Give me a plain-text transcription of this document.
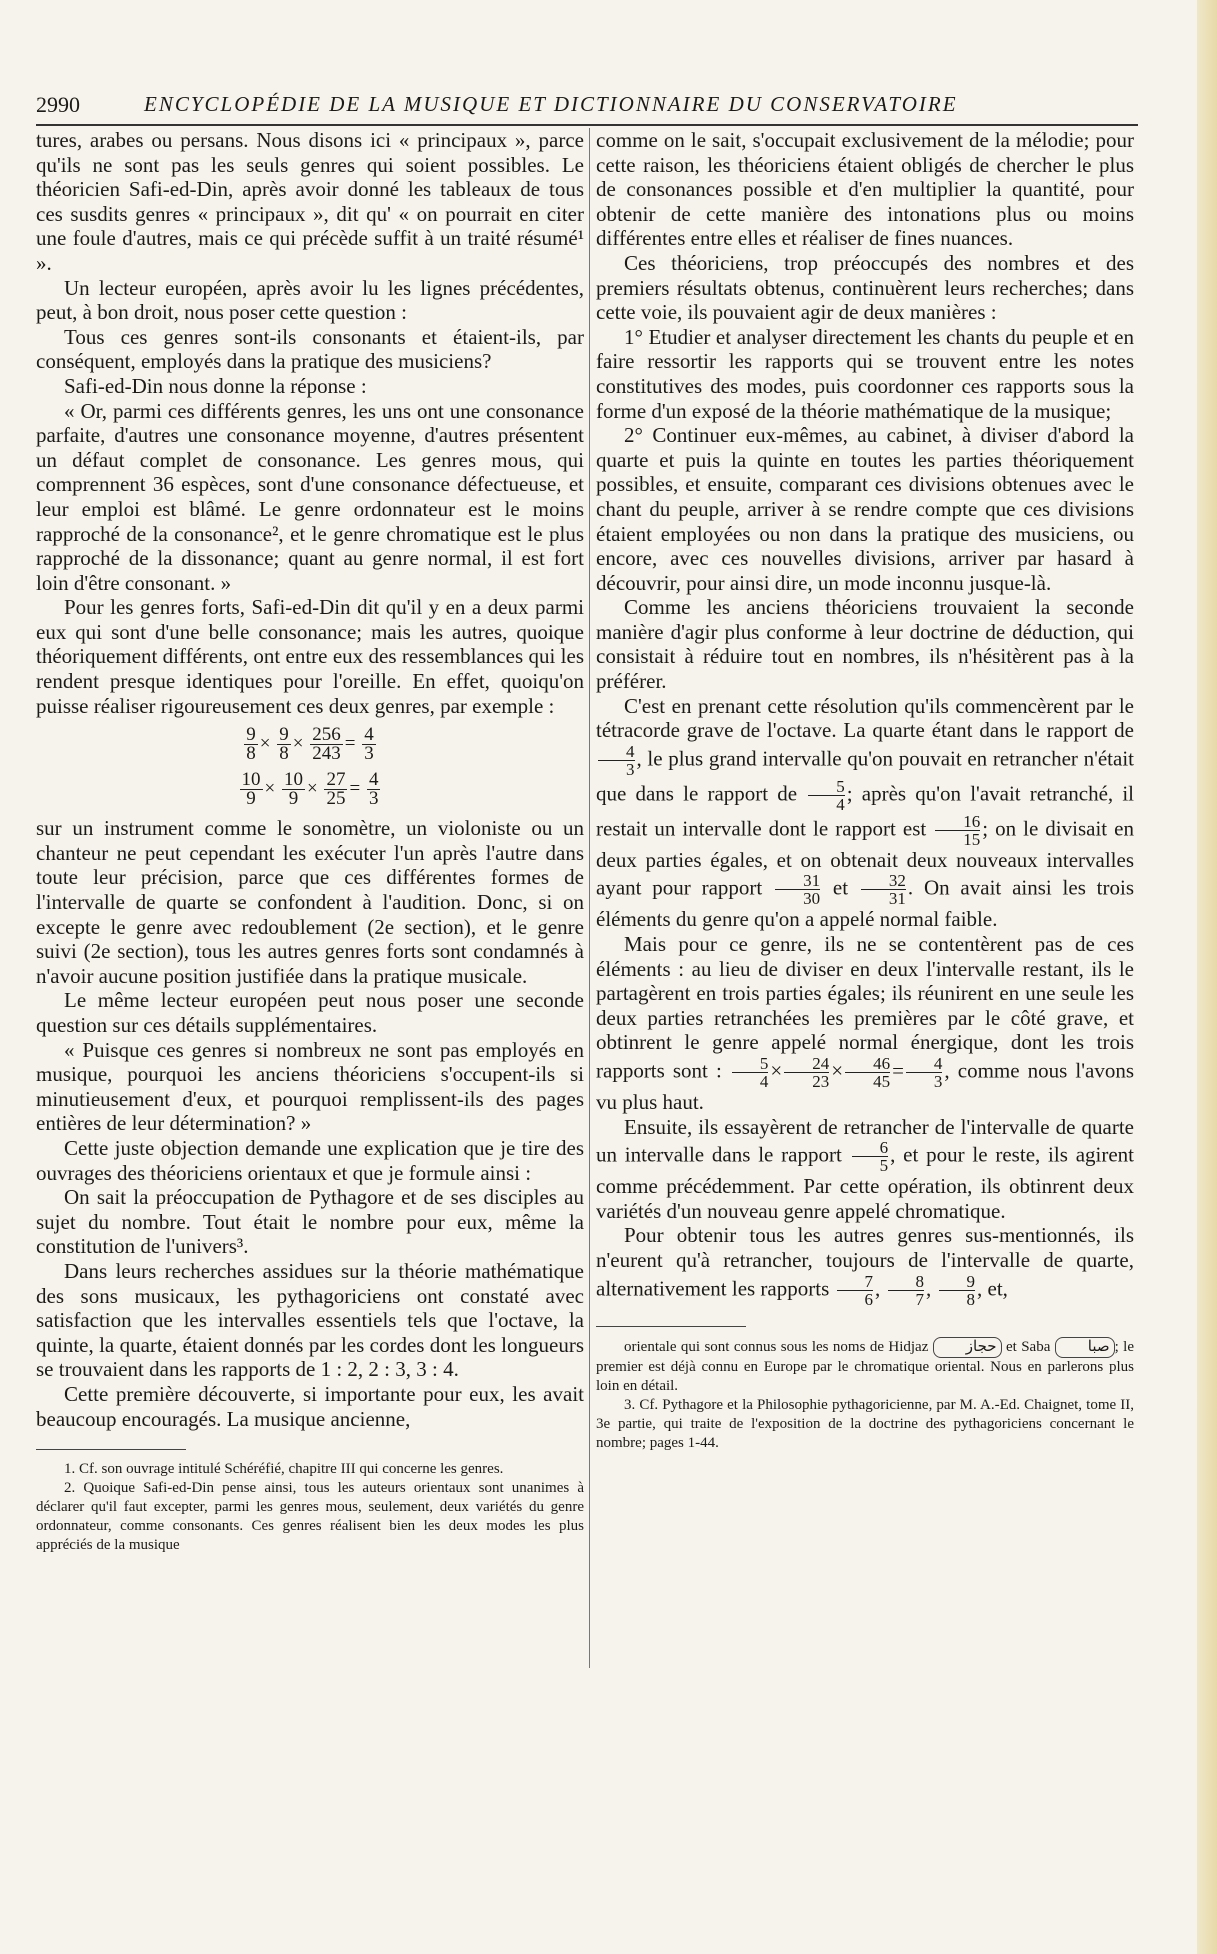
2990	ENCYCLOPÉDIE DE LA MUSIQUE ET DICTIONNAIRE DU CONSERVATOIRE

tures, arabes ou persans. Nous disons ici « principaux », parce qu'ils ne sont pas les seuls genres qui soient possibles. Le théoricien Safi-ed-Din, après avoir donné les tableaux de tous ces susdits genres « principaux », dit qu' « on pourrait en citer une foule d'autres, mais ce qui précède suffit à un traité résumé¹ ».

Un lecteur européen, après avoir lu les lignes précédentes, peut, à bon droit, nous poser cette question :

Tous ces genres sont-ils consonants et étaient-ils, par conséquent, employés dans la pratique des musiciens?

Safi-ed-Din nous donne la réponse :

« Or, parmi ces différents genres, les uns ont une consonance parfaite, d'autres une consonance moyenne, d'autres présentent un défaut complet de consonance. Les genres mous, qui comprennent 36 espèces, sont d'une consonance défectueuse, et leur emploi est blâmé. Le genre ordonnateur est le moins rapproché de la consonance², et le genre chromatique est le plus rapproché de la dissonance; quant au genre normal, il est fort loin d'être consonant. »

Pour les genres forts, Safi-ed-Din dit qu'il y en a deux parmi eux qui sont d'une belle consonance; mais les autres, quoique théoriquement différents, ont entre eux des ressemblances qui les rendent presque identiques pour l'oreille. En effet, quoiqu'on puisse réaliser rigoureusement ces deux genres, par exemple :

$\frac{9}{8} \times \frac{9}{8} \times \frac{256}{243} = \frac{4}{3}$
$\frac{10}{9} \times \frac{10}{9} \times \frac{27}{25} = \frac{4}{3}$

sur un instrument comme le sonomètre, un violoniste ou un chanteur ne peut cependant les exécuter l'un après l'autre dans toute leur précision, parce que ces différentes formes de l'intervalle de quarte se confondent à l'audition. Donc, si on excepte le genre avec redoublement (2e section), et le genre suivi (2e section), tous les autres genres forts sont condamnés à n'avoir aucune position justifiée dans la pratique musicale.

Le même lecteur européen peut nous poser une seconde question sur ces détails supplémentaires.

« Puisque ces genres si nombreux ne sont pas employés en musique, pourquoi les anciens théoriciens s'occupent-ils si minutieusement d'eux, et pourquoi remplissent-ils des pages entières de leur détermination? »

Cette juste objection demande une explication que je tire des ouvrages des théoriciens orientaux et que je formule ainsi :

On sait la préoccupation de Pythagore et de ses disciples au sujet du nombre. Tout était le nombre pour eux, même la constitution de l'univers³.

Dans leurs recherches assidues sur la théorie mathématique des sons musicaux, les pythagoriciens ont constaté avec satisfaction que les intervalles essentiels tels que l'octave, la quinte, la quarte, étaient donnés par les cordes dont les longueurs se trouvaient dans les rapports de 1 : 2, 2 : 3, 3 : 4.

Cette première découverte, si importante pour eux, les avait beaucoup encouragés. La musique ancienne,

1. Cf. son ouvrage intitulé Schéréfié, chapitre III qui concerne les genres.

2. Quoique Safi-ed-Din pense ainsi, tous les auteurs orientaux sont unanimes à déclarer qu'il faut excepter, parmi les genres mous, seulement, deux variétés du genre ordonnateur, comme consonants. Ces genres réalisent bien les deux modes les plus appréciés de la musique

comme on le sait, s'occupait exclusivement de la mélodie; pour cette raison, les théoriciens étaient obligés de chercher le plus de consonances possible et d'en multiplier la quantité, pour obtenir de cette manière des intonations plus ou moins différentes entre elles et réaliser de fines nuances.

Ces théoriciens, trop préoccupés des nombres et des premiers résultats obtenus, continuèrent leurs recherches; dans cette voie, ils pouvaient agir de deux manières :

1° Etudier et analyser directement les chants du peuple et en faire ressortir les rapports qui se trouvent entre les notes constitutives des modes, puis coordonner ces rapports sous la forme d'un exposé de la théorie mathématique de la musique;

2° Continuer eux-mêmes, au cabinet, à diviser d'abord la quarte et puis la quinte en toutes les parties théoriquement possibles, et ensuite, comparant ces divisions obtenues avec le chant du peuple, arriver à se rendre compte que ces divisions étaient employées ou non dans la pratique des musiciens, ou encore, avec ces nouvelles divisions, arriver par hasard à découvrir, pour ainsi dire, un mode inconnu jusque-là.

Comme les anciens théoriciens trouvaient la seconde manière d'agir plus conforme à leur doctrine de déduction, qui consistait à réduire tout en nombres, ils n'hésitèrent pas à la préférer.

C'est en prenant cette résolution qu'ils commencèrent par le tétracorde grave de l'octave. La quarte étant dans le rapport de
$\frac{4}{3}$ , le plus grand intervalle qu'on pouvait en retrancher n'était que dans le rapport de $\frac{5}{4}$ ; après qu'on l'avait retranché, il restait un intervalle dont le rapport est $\frac{16}{15}$ ; on le divisait en deux parties égales, et on obtenait deux nouveaux intervalles ayant pour rapport $\frac{31}{30}$ et $\frac{32}{31}$ . On avait ainsi les trois éléments du genre qu'on a appelé normal faible.

Mais pour ce genre, ils ne se contentèrent pas de ces éléments : au lieu de diviser en deux l'intervalle restant, ils le partagèrent en trois parties égales; ils réunirent en une seule les deux parties retranchées les premières par le côté grave, et obtinrent le genre appelé normal énergique, dont les trois rapports sont : $\frac{5}{4} \times \frac{24}{23} \times \frac{46}{45} = \frac{4}{3}$ , comme nous l'avons vu plus haut.

Ensuite, ils essayèrent de retrancher de l'intervalle de quarte un intervalle dans le rapport $\frac{6}{5}$ , et pour le reste, ils agirent comme précédemment. Par cette opération, ils obtinrent deux variétés d'un nouveau genre appelé chromatique.

Pour obtenir tous les autres genres sus-mentionnés, ils n'eurent qu'à retrancher, toujours de l'intervalle de quarte, alternativement les rapports $\frac{7}{6}$ , $\frac{8}{7}$ , $\frac{9}{8}$ , et,

orientale qui sont connus sous les noms de Hidjaz حجاز et Saba صبا ; le premier est déjà connu en Europe par le chromatique oriental. Nous en parlerons plus loin en détail.

3. Cf. Pythagore et la Philosophie pythagoricienne, par M. A.-Ed. Chaignet, tome II, 3e partie, qui traite de l'exposition de la doctrine des pythagoriciens concernant le nombre; pages 1-44.
